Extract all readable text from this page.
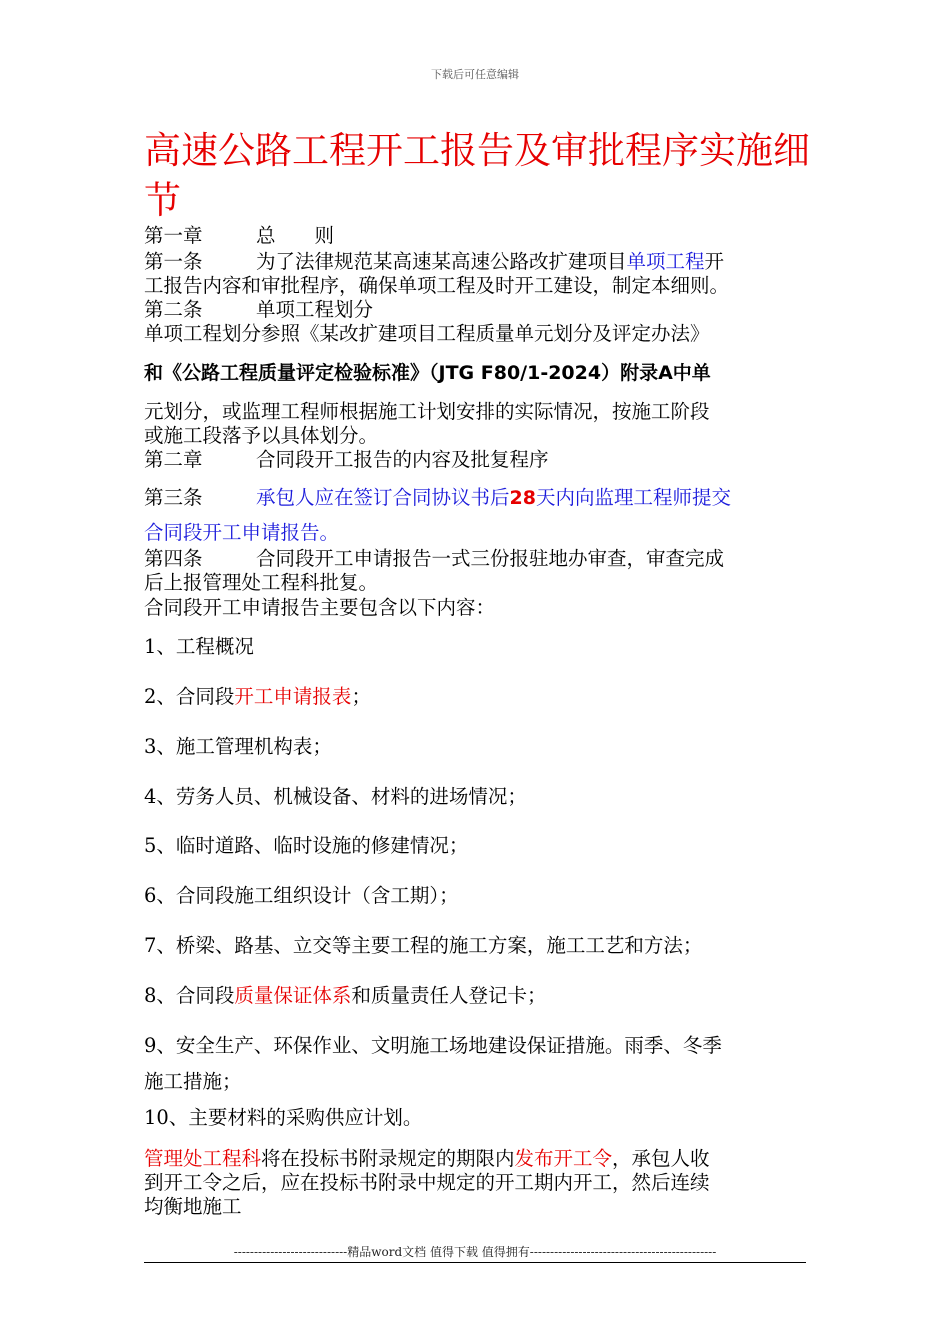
下载后可任意编辑
高速公路工程开工报告及审批程序实施细节
第一章	总　　则
第一条	为了法律规范某高速某高速公路改扩建项目单项工程开
工报告内容和审批程序，确保单项工程及时开工建设，制定本细则。
第二条	单项工程划分
单项工程划分参照《某改扩建项目工程质量单元划分及评定办法》
和《公路工程质量评定检验标准》（JTG F80/1-2024）附录A中单
元划分，或监理工程师根据施工计划安排的实际情况，按施工阶段
或施工段落予以具体划分。
第二章	合同段开工报告的内容及批复程序
第三条	承包人应在签订合同协议书后28天内向监理工程师提交
合同段开工申请报告。
第四条	合同段开工申请报告一式三份报驻地办审查，审查完成
后上报管理处工程科批复。
合同段开工申请报告主要包含以下内容：
1、工程概况
2、合同段开工申请报表；
3、施工管理机构表；
4、劳务人员、机械设备、材料的进场情况；
5、临时道路、临时设施的修建情况；
6、合同段施工组织设计（含工期）；
7、桥梁、路基、立交等主要工程的施工方案，施工工艺和方法；
8、合同段质量保证体系和质量责任人登记卡；
9、安全生产、环保作业、文明施工场地建设保证措施。雨季、冬季
施工措施；
10、主要材料的采购供应计划。
管理处工程科将在投标书附录规定的期限内发布开工令，承包人收
到开工令之后，应在投标书附录中规定的开工期内开工，然后连续
均衡地施工
----------------------------精品word文档 值得下载 值得拥有----------------------------------------------
